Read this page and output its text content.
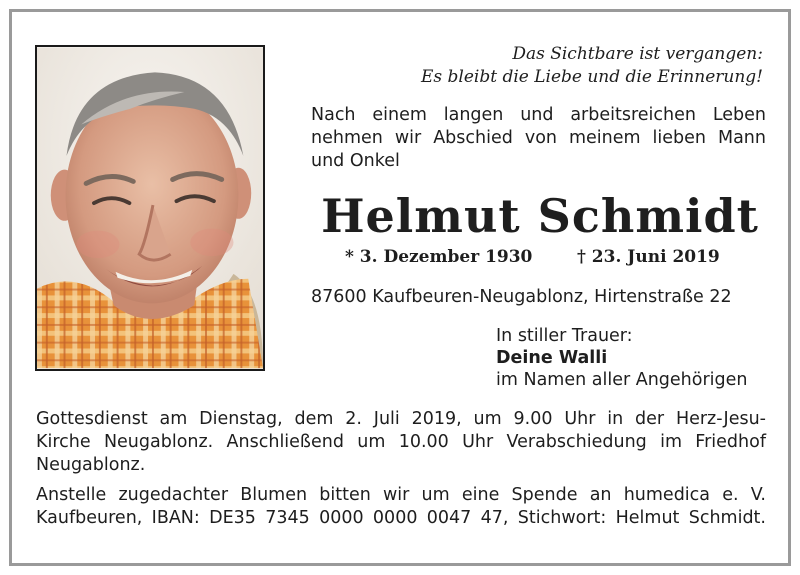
Das Sichtbare ist vergangen:
Es bleibt die Liebe und die Erinnerung!
Nach einem langen und arbeitsreichen Leben
nehmen wir Abschied von meinem lieben Mann
und Onkel
Helmut Schmidt
* 3. Dezember 1930	† 23. Juni 2019
87600 Kaufbeuren-Neugablonz, Hirtenstraße 22
In stiller Trauer:
Deine Walli
im Namen aller Angehörigen
Gottesdienst am Dienstag, dem 2. Juli 2019, um 9.00 Uhr in der Herz-Jesu-
Kirche Neugablonz. Anschließend um 10.00 Uhr Verabschiedung im Friedhof
Neugablonz.
Anstelle zugedachter Blumen bitten wir um eine Spende an humedica e. V.
Kaufbeuren, IBAN: DE35 7345 0000 0000 0047 47, Stichwort: Helmut Schmidt.
